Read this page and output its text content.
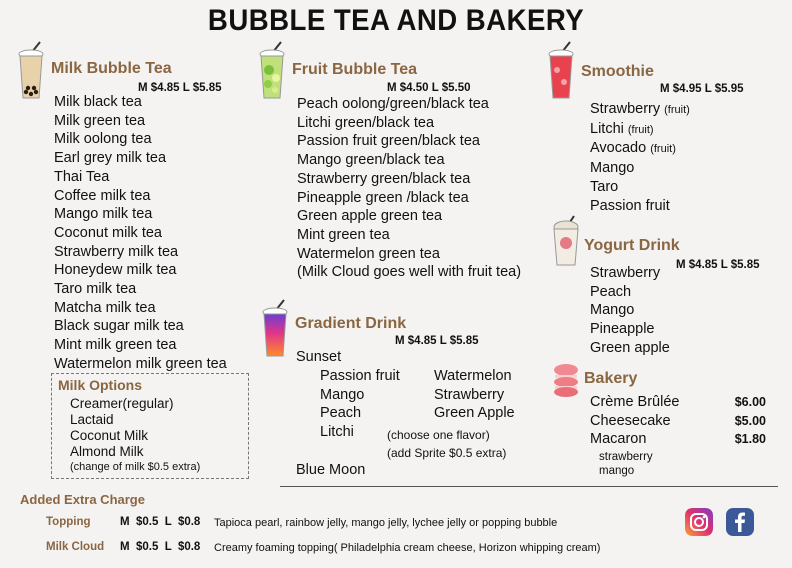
BUBBLE TEA AND BAKERY
Milk Bubble Tea
M $4.85 L $5.85
Milk black tea
Milk green tea
Milk oolong tea
Earl grey milk tea
Thai Tea
Coffee milk tea
Mango milk tea
Coconut milk tea
Strawberry milk tea
Honeydew milk tea
Taro milk tea
Matcha milk tea
Black sugar milk tea
Mint milk green tea
Watermelon milk green tea
Milk Options
Creamer(regular)
Lactaid
Coconut Milk
Almond Milk
(change of milk $0.5 extra)
Fruit Bubble Tea
M $4.50 L $5.50
Peach oolong/green/black tea
Litchi green/black tea
Passion fruit green/black tea
Mango green/black tea
Strawberry green/black tea
Pineapple green /black tea
Green apple green tea
Mint green tea
Watermelon green tea
(Milk Cloud goes well with fruit tea)
Gradient Drink
M $4.85 L $5.85
Sunset
Passion fruit
Mango
Peach
Litchi
Watermelon
Strawberry
Green Apple
(choose one flavor)
(add Sprite $0.5 extra)
Blue Moon
Smoothie
M $4.95 L $5.95
Strawberry (fruit)
Litchi (fruit)
Avocado (fruit)
Mango
Taro
Passion fruit
Yogurt Drink
M $4.85 L $5.85
Strawberry
Peach
Mango
Pineapple
Green apple
Bakery
Crème Brûlée	$6.00
Cheesecake	$5.00
Macaron	$1.80
strawberry
mango
Added Extra Charge
Topping	M  $0.5  L  $0.8 Tapioca pearl, rainbow jelly, mango jelly, lychee jelly or popping bubble
Milk Cloud M  $0.5  L  $0.8 Creamy foaming topping( Philadelphia cream cheese, Horizon whipping cream)
